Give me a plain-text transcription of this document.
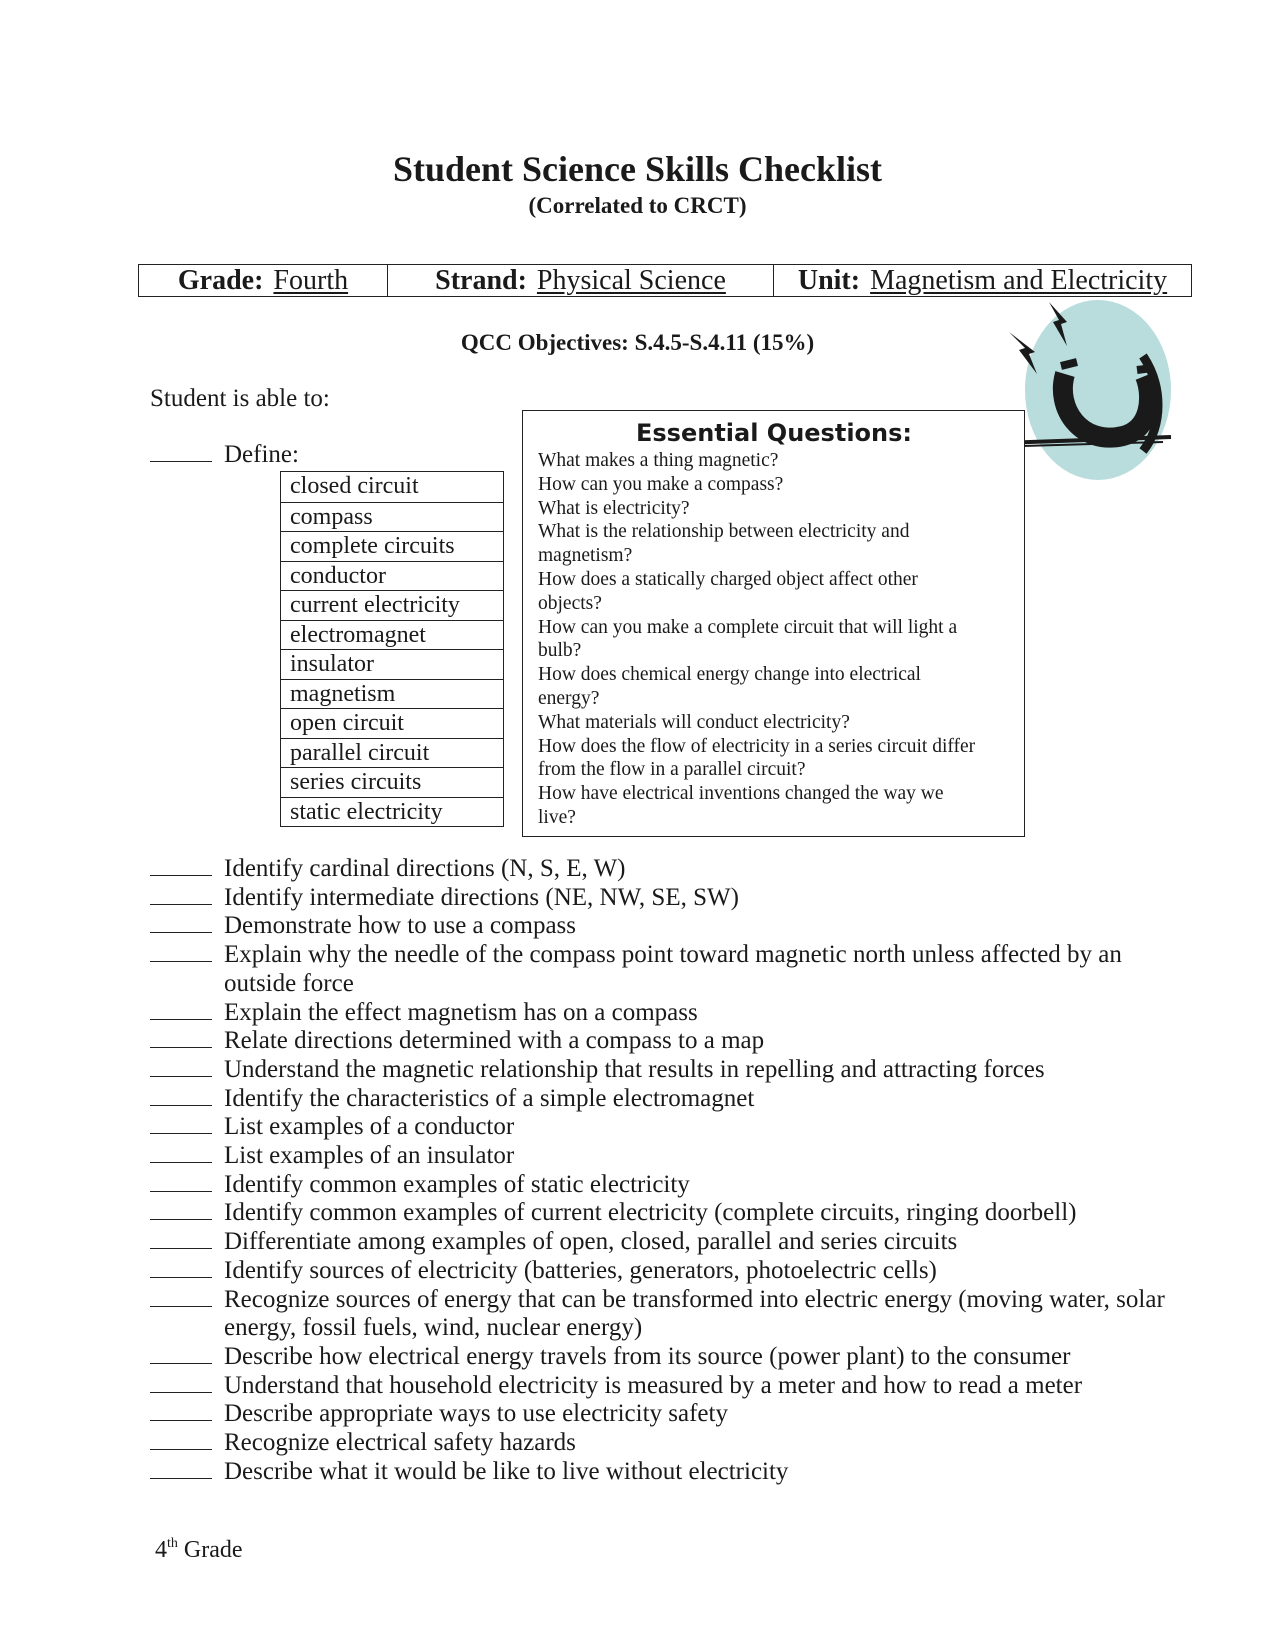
Student Science Skills Checklist
(Correlated to CRCT)
Grade: Fourth	Strand: Physical Science	Unit: Magnetism and Electricity
QCC Objectives: S.4.5-S.4.11 (15%)
Student is able to:
Define:
closed circuit
compass
complete circuits
conductor
current electricity
electromagnet
insulator
magnetism
open circuit
parallel circuit
series circuits
static electricity
Essential Questions:
What makes a thing magnetic?
How can you make a compass?
What is electricity?
What is the relationship between electricity and
magnetism?
How does a statically charged object affect other
objects?
How can you make a complete circuit that will light a
bulb?
How does chemical energy change into electrical
energy?
What materials will conduct electricity?
How does the flow of electricity in a series circuit differ
from the flow in a parallel circuit?
How have electrical inventions changed the way we
live?
Identify cardinal directions (N, S, E, W)
Identify intermediate directions (NE, NW, SE, SW)
Demonstrate how to use a compass
Explain why the needle of the compass point toward magnetic north unless affected by an outside force
Explain the effect magnetism has on a compass
Relate directions determined with a compass to a map
Understand the magnetic relationship that results in repelling and attracting forces
Identify the characteristics of a simple electromagnet
List examples of a conductor
List examples of an insulator
Identify common examples of static electricity
Identify common examples of current electricity (complete circuits, ringing doorbell)
Differentiate among examples of open, closed, parallel and series circuits
Identify sources of electricity (batteries, generators, photoelectric cells)
Recognize sources of energy that can be transformed into electric energy (moving water, solar energy, fossil fuels, wind, nuclear energy)
Describe how electrical energy travels from its source (power plant) to the consumer
Understand that household electricity is measured by a meter and how to read a meter
Describe appropriate ways to use electricity safety
Recognize electrical safety hazards
Describe what it would be like to live without electricity
4th Grade
